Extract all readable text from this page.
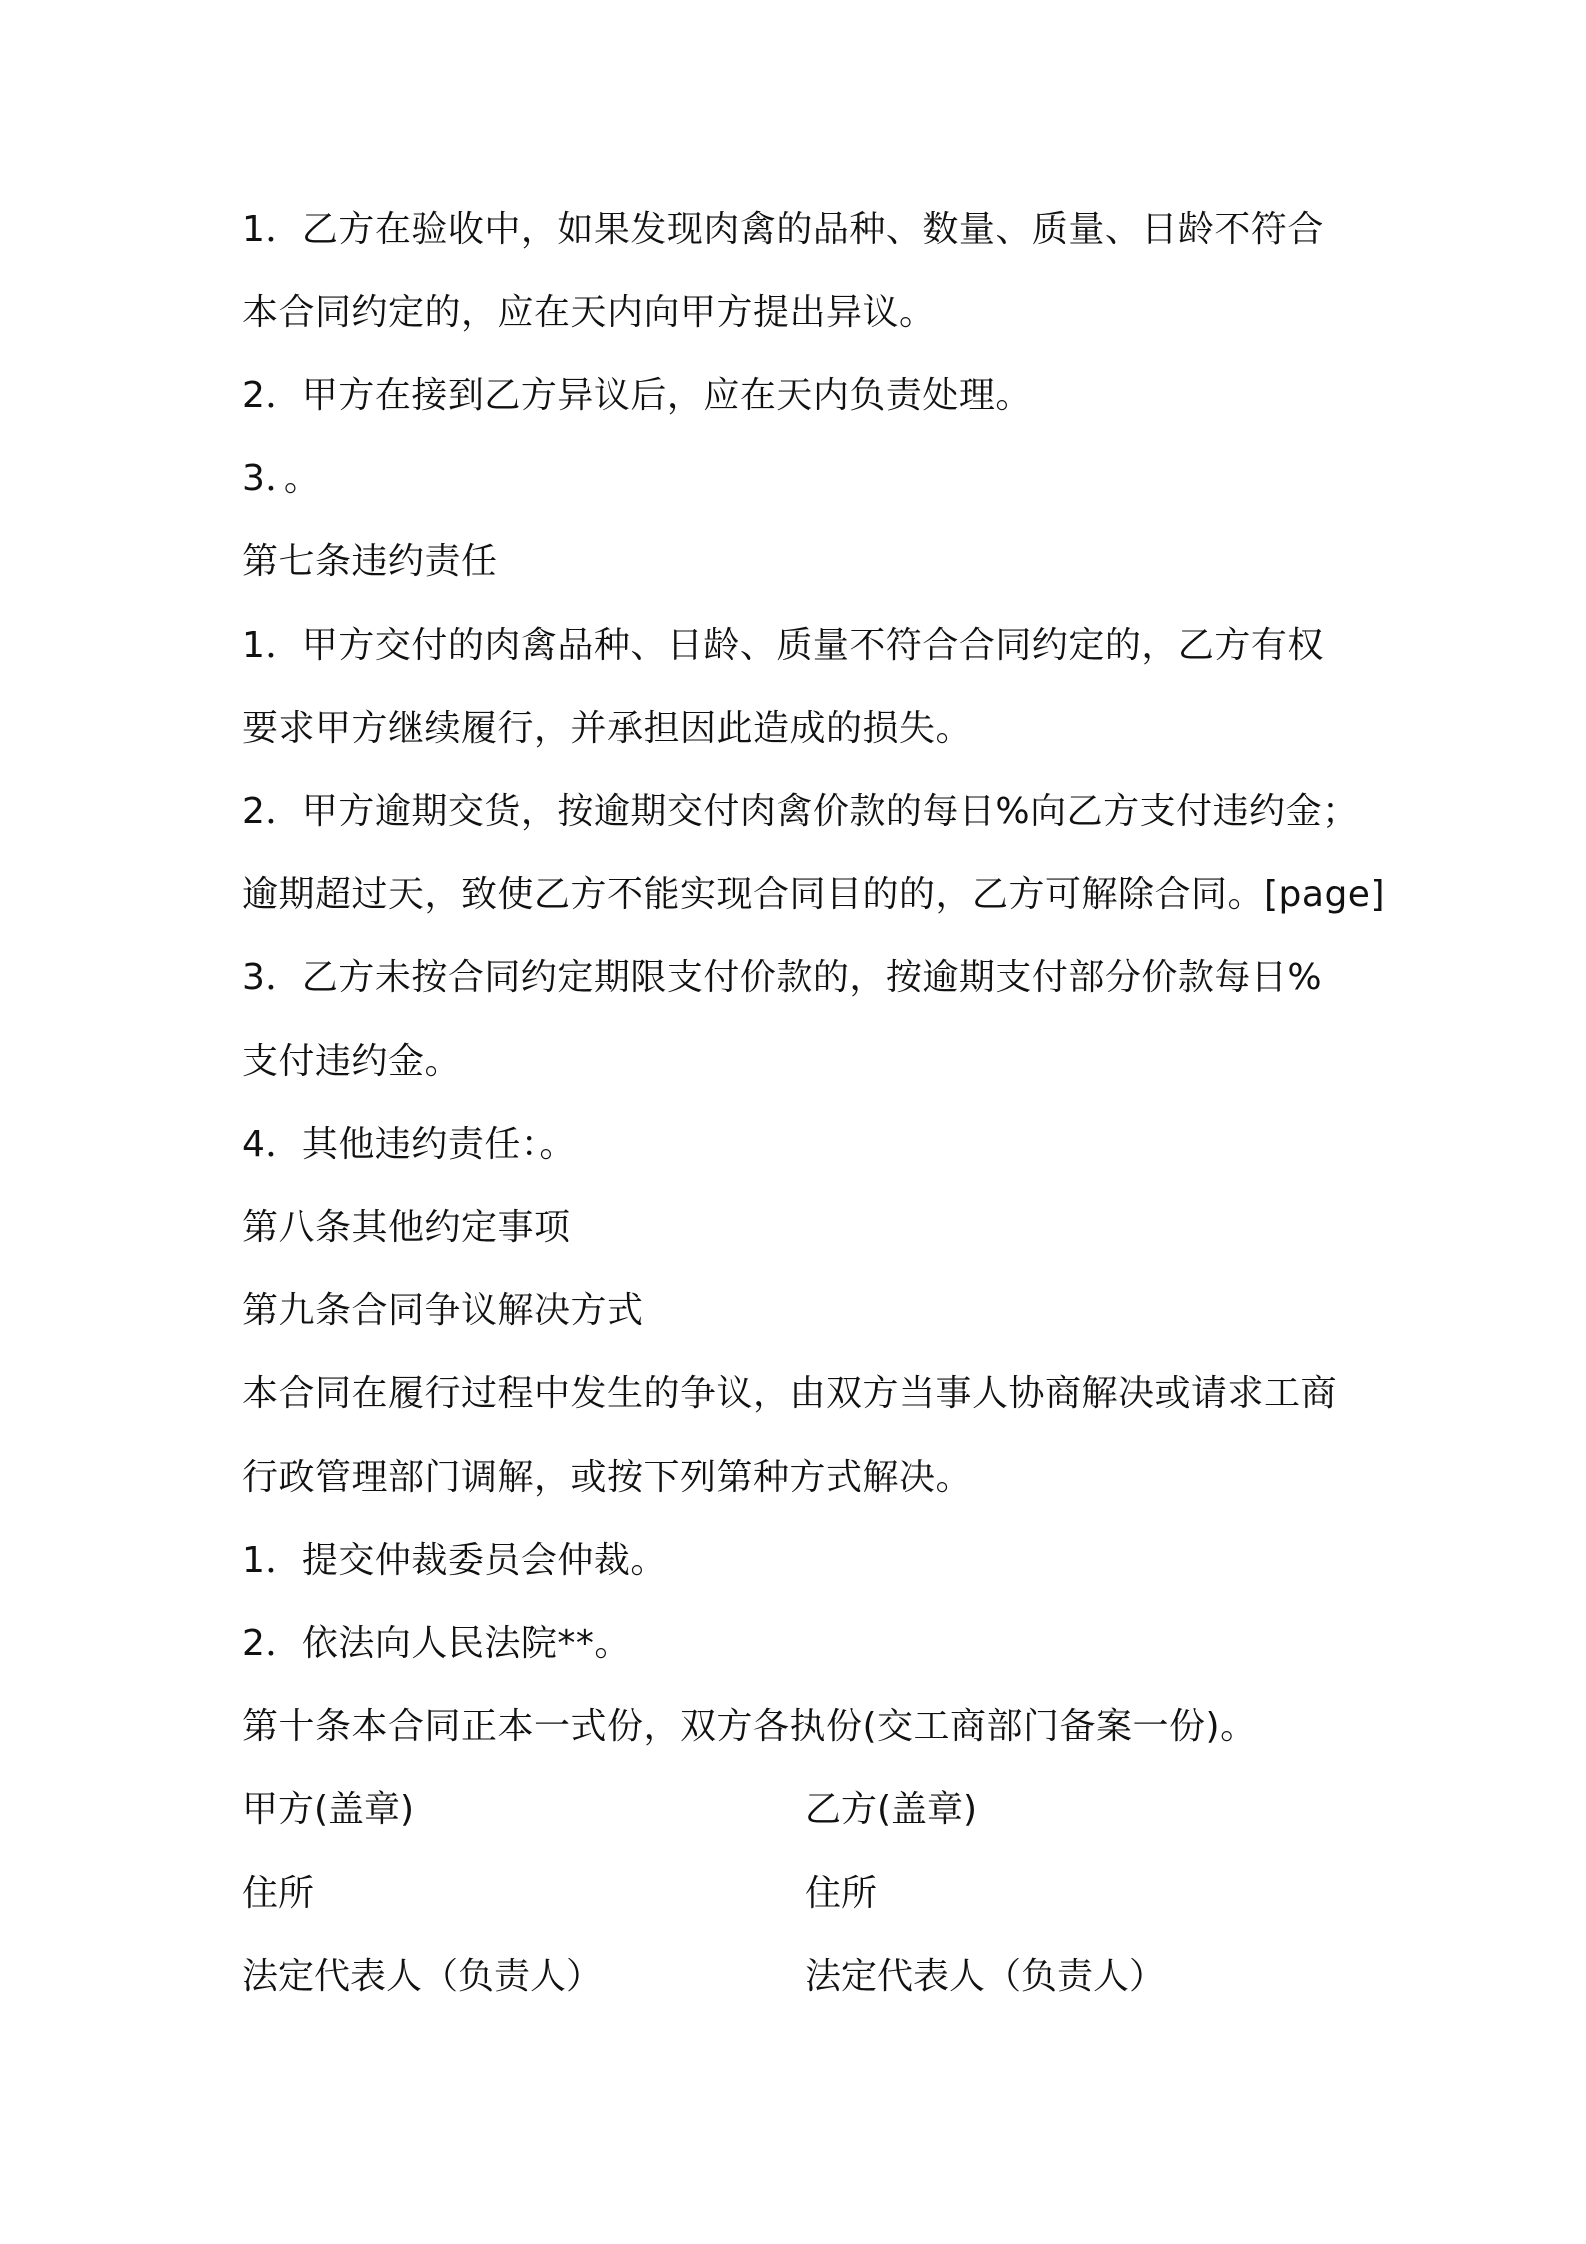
1．乙方在验收中，如果发现肉禽的品种、数量、质量、日龄不符合
本合同约定的，应在天内向甲方提出异议。
2．甲方在接到乙方异议后，应在天内负责处理。
3．。
第七条违约责任
1．甲方交付的肉禽品种、日龄、质量不符合合同约定的，乙方有权
要求甲方继续履行，并承担因此造成的损失。
2．甲方逾期交货，按逾期交付肉禽价款的每日%向乙方支付违约金；
逾期超过天，致使乙方不能实现合同目的的，乙方可解除合同。[page]
3．乙方未按合同约定期限支付价款的，按逾期支付部分价款每日%
支付违约金。
4．其他违约责任：。
第八条其他约定事项
第九条合同争议解决方式
本合同在履行过程中发生的争议，由双方当事人协商解决或请求工商
行政管理部门调解，或按下列第种方式解决。
1．提交仲裁委员会仲裁。
2．依法向人民法院**。
第十条本合同正本一式份，双方各执份(交工商部门备案一份)。
甲方(盖章)	乙方(盖章)
住所	住所
法定代表人（负责人）	法定代表人（负责人）
